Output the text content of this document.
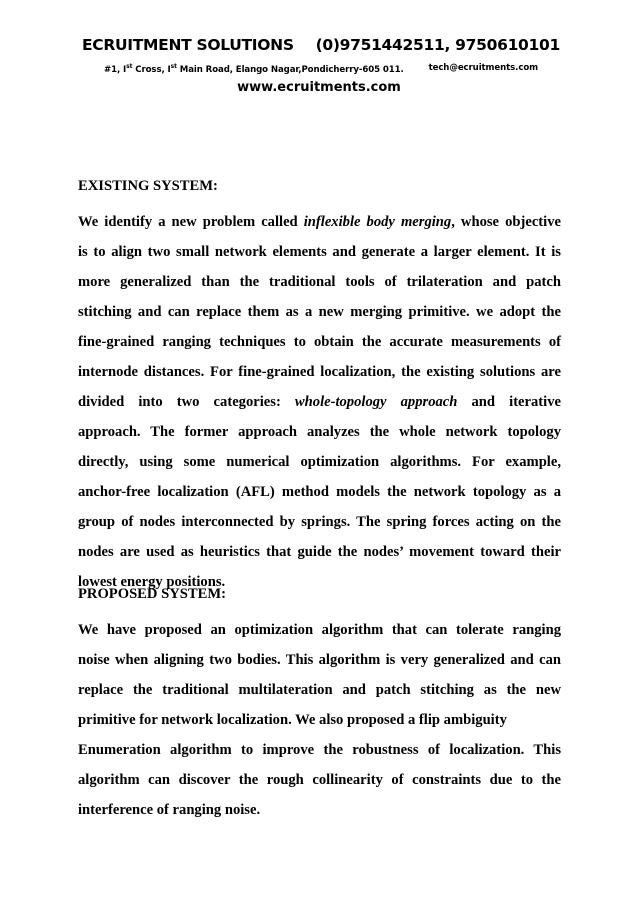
ECRUITMENT SOLUTIONS (0)9751442511, 9750610101
#1, Ist Cross, Ist Main Road, Elango Nagar,Pondicherry-605 011.	tech@ecruitments.com
www.ecruitments.com
EXISTING SYSTEM:
We identify a new problem called inflexible body merging, whose objective
is to align two small network elements and generate a larger element. It is
more generalized than the traditional tools of trilateration and patch
stitching and can replace them as a new merging primitive. we adopt the
fine-grained ranging techniques to obtain the accurate measurements of
internode distances. For fine-grained localization, the existing solutions are
divided into two categories: whole-topology approach and iterative
approach. The former approach analyzes the whole network topology
directly, using some numerical optimization algorithms. For example,
anchor-free localization (AFL) method models the network topology as a
group of nodes interconnected by springs. The spring forces acting on the
nodes are used as heuristics that guide the nodes’ movement toward their
lowest energy positions.
PROPOSED SYSTEM:
We have proposed an optimization algorithm that can tolerate ranging
noise when aligning two bodies. This algorithm is very generalized and can
replace the traditional multilateration and patch stitching as the new
primitive for network localization. We also proposed a flip ambiguity
Enumeration algorithm to improve the robustness of localization. This
algorithm can discover the rough collinearity of constraints due to the
interference of ranging noise.
